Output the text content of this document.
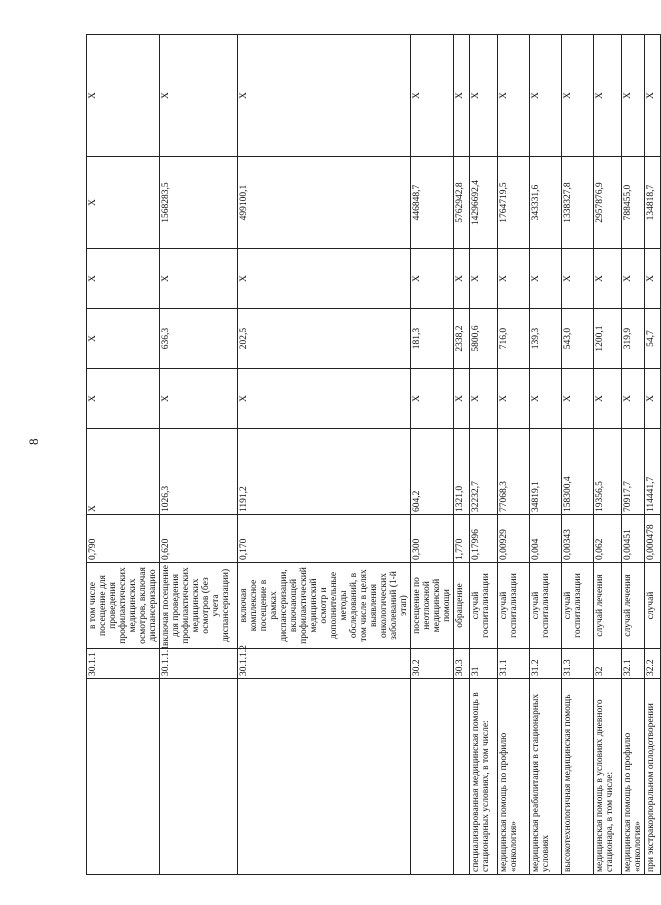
8
	30.1.1	в том числе посещение для проведения профилактических медицинских осмотров, включая диспансеризацию	0,790	X	X	X	X	X	X
	30.1.1.1	включая посещение для проведения профилактических медицинских осмотров (без учета диспансеризации)	0,620	1026,3	X	636,3	X	1568283,5	X
	30.1.1.2	включая комплексное посещение в рамках диспансеризации, включающей профилактический медицинский осмотр и дополнительные методы обследований, в том числе в целях выявления онкологических заболеваний (1-й этап)	0,170	1191,2	X	202,5	X	499100,1	X
	30.2	посещение по неотложной медицинской помощи	0,300	604,2	X	181,3	X	446848,7	X
	30.3	обращение	1,770	1321,0	X	2338,2	X	5762942,8	X
специализированная медицинская помощь в стационарных условиях, в том числе:	31	случай госпитализации	0,17996	32232,7	X	5800,6	X	14296692,4	X
медицинская помощь по профилю «онкология»	31.1	случай госпитализации	0,00929	77068,3	X	716,0	X	1764719,5	X
медицинская реабилитация в стационарных условиях	31.2	случай госпитализации	0,004	34819,1	X	139,3	X	343331,6	X
высокотехнологичная медицинская помощь	31.3	случай госпитализации	0,00343	158300,4	X	543,0	X	1338327,8	X
медицинская помощь в условиях дневного стационара, в том числе:	32	случай лечения	0,062	19356,5	X	1200,1	X	2957876,9	X
медицинская помощь по профилю «онкология»	32.1	случай лечения	0,00451	70917,7	X	319,9	X	788455,0	X
при экстракорпоральном оплодотворении	32.2	случай	0,000478	114441,7	X	54,7	X	134818,7	X
